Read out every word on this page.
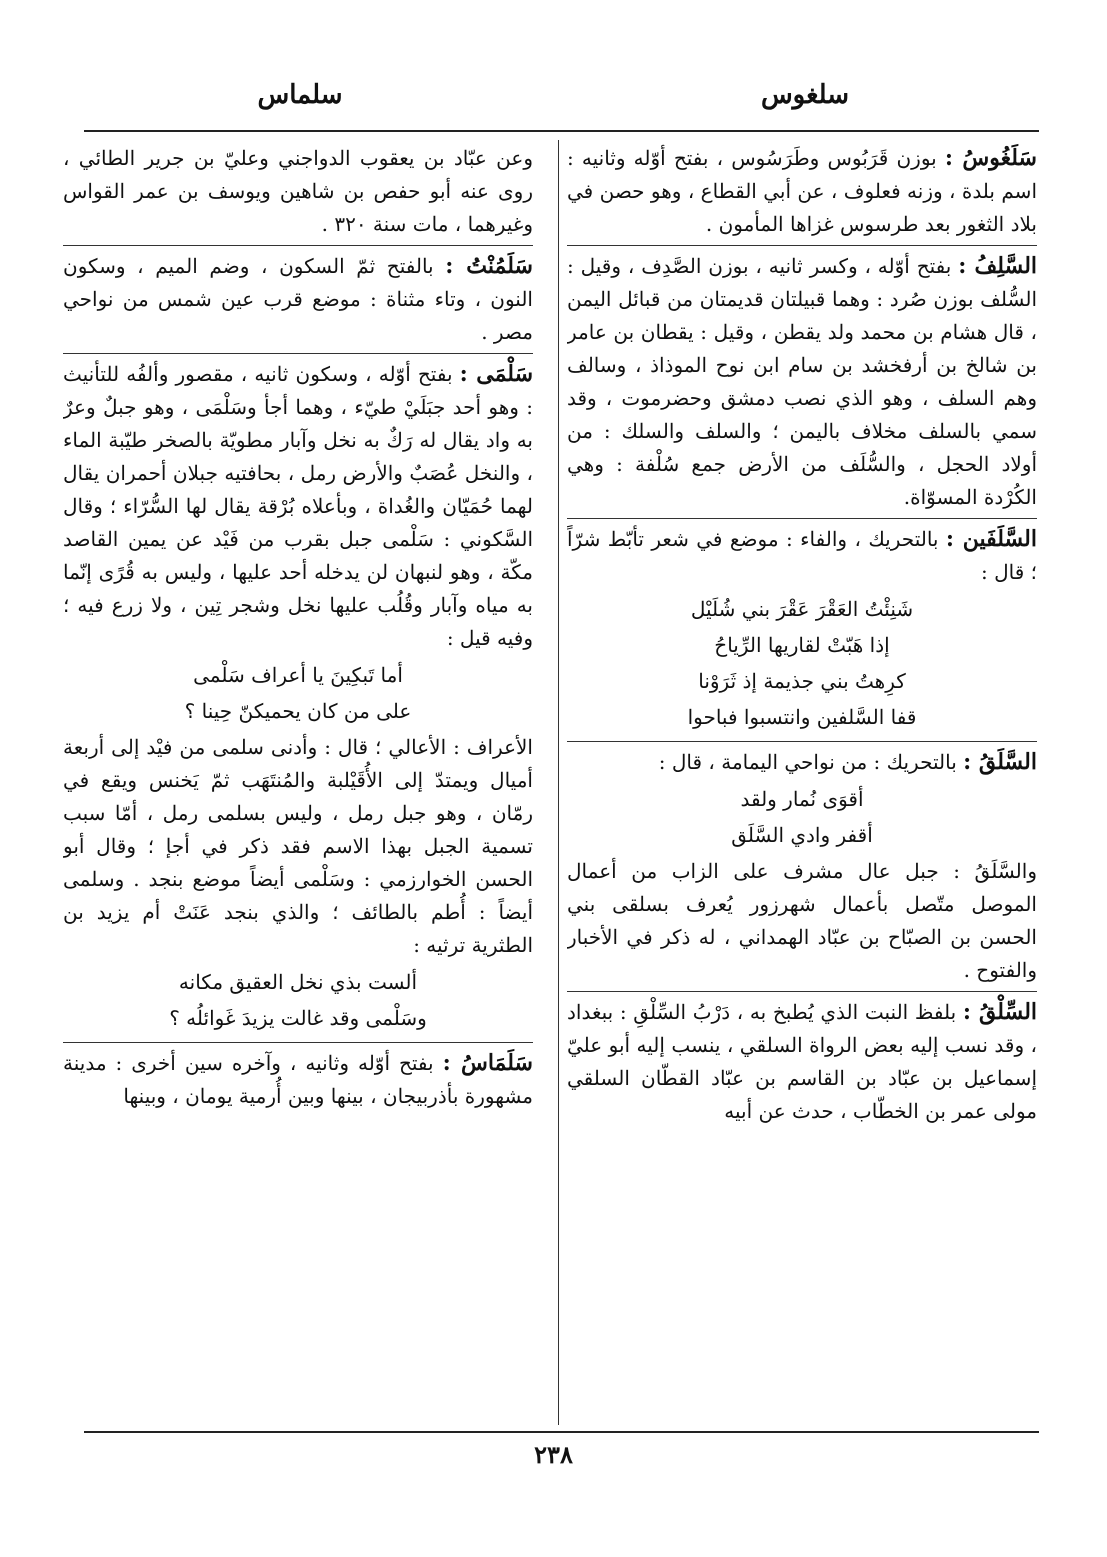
سلغوس
سلماس

سَلَغُوسُ : بوزن قَرَبُوس وطَرَسُوس ، بفتح أوّله وثانيه : اسم بلدة ، وزنه فعلوف ، عن أبي القطاع ، وهو حصن في بلاد الثغور بعد طرسوس غزاها المأمون .

السَّلِفُ : بفتح أوّله ، وكسر ثانيه ، بوزن الصَّدِف ، وقيل : السُّلف بوزن صُرد : وهما قبيلتان قديمتان من قبائل اليمن ، قال هشام بن محمد ولد يقطن ، وقيل : يقطان بن عامر بن شالخ بن أرفخشد بن سام ابن نوح الموذاذ ، وسالف وهم السلف ، وهو الذي نصب دمشق وحضرموت ، وقد سمي بالسلف مخلاف باليمن ؛ والسلف والسلك : من أولاد الحجل ، والسُّلَف من الأرض جمع سُلْفة : وهي الكُرْدة المسوّاة.

السَّلَفَين : بالتحريك ، والفاء : موضع في شعر تأبّط شرّاً ؛ قال :
شَنِئْتُ العَقْرَ عَقْرَ بني شُلَيْل
إذا هَبّتْ لقاريها الرِّياحُ
كرِهتُ بني جذيمة إذ ثَرَوْنا
قفا السَّلفين وانتسبوا فباحوا
السَّلَقُ : بالتحريك : من نواحي اليمامة ، قال :
أقوَى نُمار ولقد
أقفر وادي السَّلَق
والسَّلَقُ : جبل عال مشرف على الزاب من أعمال الموصل متّصل بأعمال شهرزور يُعرف بسلقى بني الحسن بن الصبّاح بن عبّاد الهمداني ، له ذكر في الأخبار والفتوح .

السِّلْقُ : بلفظ النبت الذي يُطبخ به ، دَرْبُ السِّلْقِ : ببغداد ، وقد نسب إليه بعض الرواة السلقي ، ينسب إليه أبو عليّ إسماعيل بن عبّاد بن القاسم بن عبّاد القطّان السلقي مولى عمر بن الخطّاب ، حدث عن أبيه

وعن عبّاد بن يعقوب الدواجني وعليّ بن جرير الطائي ، روى عنه أبو حفص بن شاهين ويوسف بن عمر القواس وغيرهما ، مات سنة ٣٢٠ .

سَلَمُنْتُ : بالفتح ثمّ السكون ، وضم الميم ، وسكون النون ، وتاء مثناة : موضع قرب عين شمس من نواحي مصر .

سَلْمَى : بفتح أوّله ، وسكون ثانيه ، مقصور وألفُه للتأنيث : وهو أحد جبَلَيْ طيّء ، وهما أجأ وسَلْمَى ، وهو جبلٌ وعرٌ به واد يقال له رَكٌ به نخل وآبار مطويّة بالصخر طيّبة الماء ، والنخل عُصَبٌ والأرض رمل ، بحافتيه جبلان أحمران يقال لهما حُمَيّان والغُداة ، وبأعلاه بُرْقة يقال لها السُّرّاء ؛ وقال السَّكوني : سَلْمى جبل بقرب من فَيْد عن يمين القاصد مكّة ، وهو لنبهان لن يدخله أحد عليها ، وليس به قُرًى إنّما به مياه وآبار وقُلُب عليها نخل وشجر تِين ، ولا زرع فيه ؛ وفيه قيل :
أما تَبكِينَ يا أعراف سَلْمى
على من كان يحميكنّ حِينا ؟
الأعراف : الأعالي ؛ قال : وأدنى سلمى من فيْد إلى أربعة أميال ويمتدّ إلى الأُقَيْلبة والمُنتَهَب ثمّ يَخنس ويقع في رمّان ، وهو جبل رمل ، وليس بسلمى رمل ، أمّا سبب تسمية الجبل بهذا الاسم فقد ذكر في أجإ ؛ وقال أبو الحسن الخوارزمي : وسَلْمى أيضاً موضع بنجد . وسلمى أيضاً : أُطم بالطائف ؛ والذي بنجد عَنَتْ أم يزيد بن الطثرية ترثيه :
ألست بذي نخل العقيق مكانه
وسَلْمى وقد غالت يزيدَ غَوائلُه ؟

سَلَمَاسُ : بفتح أوّله وثانيه ، وآخره سين أخرى : مدينة مشهورة بأذربيجان ، بينها وبين أُرمية يومان ، وبينها

٢٣٨
